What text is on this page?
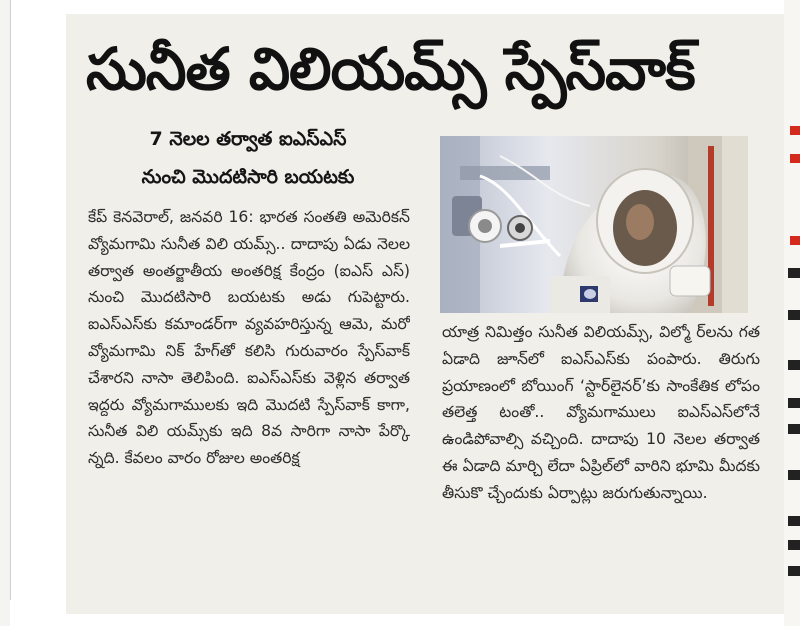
సునీత విలియమ్స్‌ స్పేస్‌వాక్‌

7 నెలల తర్వాత ఐఎస్‌ఎస్‌

నుంచి మొదటిసారి బయటకు

కేప్‌ కెనవెరాల్‌, జనవరి 16: భారత సంతతి అమెరికన్‌ వ్యోమగామి సునీత విలి యమ్స్‌.. దాదాపు ఏడు నెలల తర్వాత అంతర్జాతీయ అంతరిక్ష కేంద్రం (ఐఎస్‌ ఎస్‌) నుంచి మొదటిసారి బయటకు అడు గుపెట్టారు. ఐఎస్‌ఎస్‌కు కమాండర్‌గా వ్యవహరిస్తున్న ఆమె, మరో వ్యోమగామి నిక్‌ హేగ్‌తో కలిసి గురువారం స్పేస్‌వాక్‌ చేశారని నాసా తెలిపింది. ఐఎస్‌ఎస్‌కు వెళ్లిన తర్వాత ఇద్దరు వ్యోమగాములకు ఇది మొదటి స్పేస్‌వాక్‌ కాగా, సునీత విలి యమ్స్‌కు ఇది 8వ సారిగా నాసా పేర్కొ న్నది. కేవలం వారం రోజుల అంతరిక్ష

యాత్ర నిమిత్తం సునీత విలియమ్స్‌, విల్మో ర్‌లను గత ఏడాది జూన్‌లో ఐఎస్‌ఎస్‌కు పంపారు. తిరుగు ప్రయాణంలో బోయింగ్‌ ‘స్టార్‌లైనర్‌’కు సాంకేతిక లోపం తలెత్త టంతో.. వ్యోమగాములు ఐఎస్‌ఎస్‌లోనే ఉండిపోవాల్సి వచ్చింది. దాదాపు 10 నెలల తర్వాత ఈ ఏడాది మార్చి లేదా ఏప్రిల్‌లో వారిని భూమి మీదకు తీసుకొ చ్చేందుకు ఏర్పాట్లు జరుగుతున్నాయి.
